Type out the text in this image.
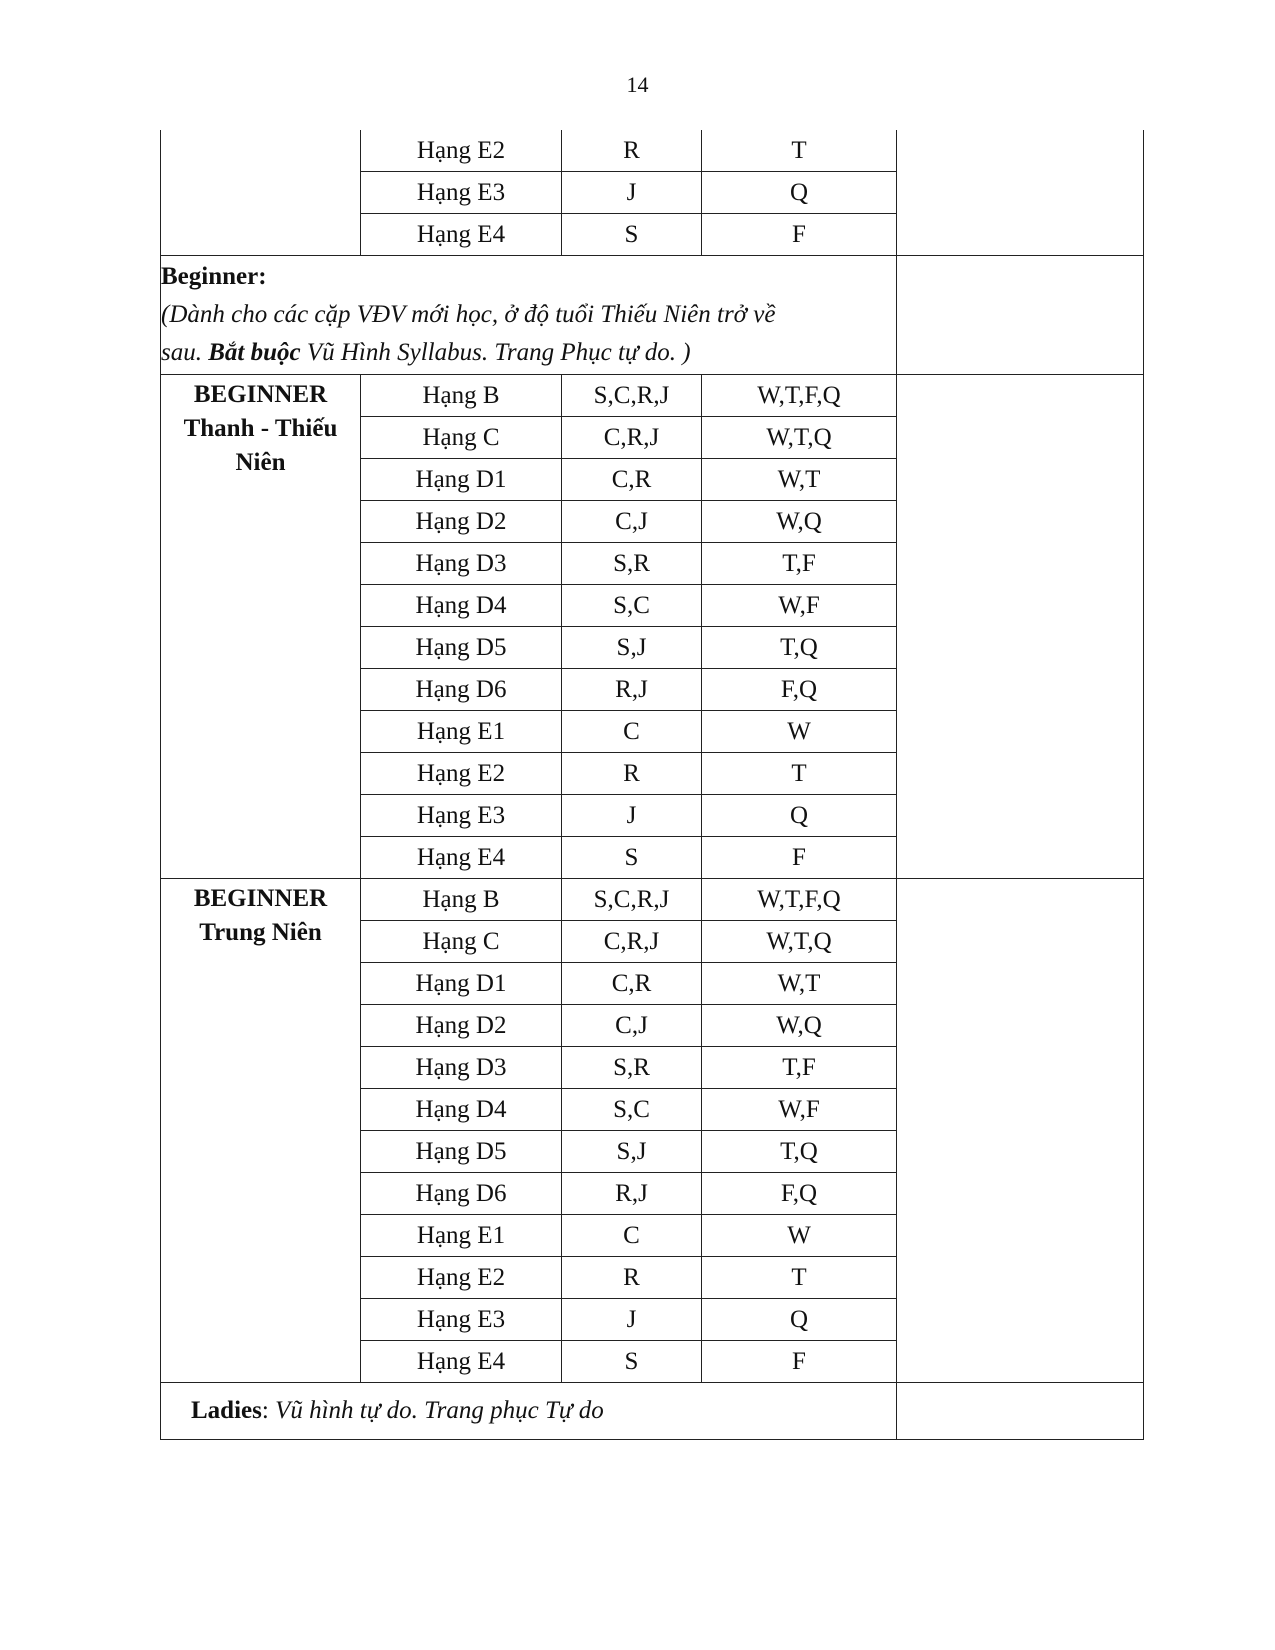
14
	Hạng E2	R	T	
	Hạng E3	J	Q	
	Hạng E4	S	F	

Beginner:
(Dành cho các cặp VĐV mới học, ở độ tuổi Thiếu Niên trở về
sau. Bắt buộc Vũ Hình Syllabus. Trang Phục tự do. )				

BEGINNER
Thanh - Thiếu Niên	Hạng B	S,C,R,J	W,T,F,Q	
	Hạng C	C,R,J	W,T,Q	
	Hạng D1	C,R	W,T	
	Hạng D2	C,J	W,Q	
	Hạng D3	S,R	T,F	
	Hạng D4	S,C	W,F	
	Hạng D5	S,J	T,Q	
	Hạng D6	R,J	F,Q	
	Hạng E1	C	W	
	Hạng E2	R	T	
	Hạng E3	J	Q	
	Hạng E4	S	F	

BEGINNER
Trung Niên	Hạng B	S,C,R,J	W,T,F,Q	
	Hạng C	C,R,J	W,T,Q	
	Hạng D1	C,R	W,T	
	Hạng D2	C,J	W,Q	
	Hạng D3	S,R	T,F	
	Hạng D4	S,C	W,F	
	Hạng D5	S,J	T,Q	
	Hạng D6	R,J	F,Q	
	Hạng E1	C	W	
	Hạng E2	R	T	
	Hạng E3	J	Q	
	Hạng E4	S	F	
Ladies: Vũ hình tự do. Trang phục Tự do				
